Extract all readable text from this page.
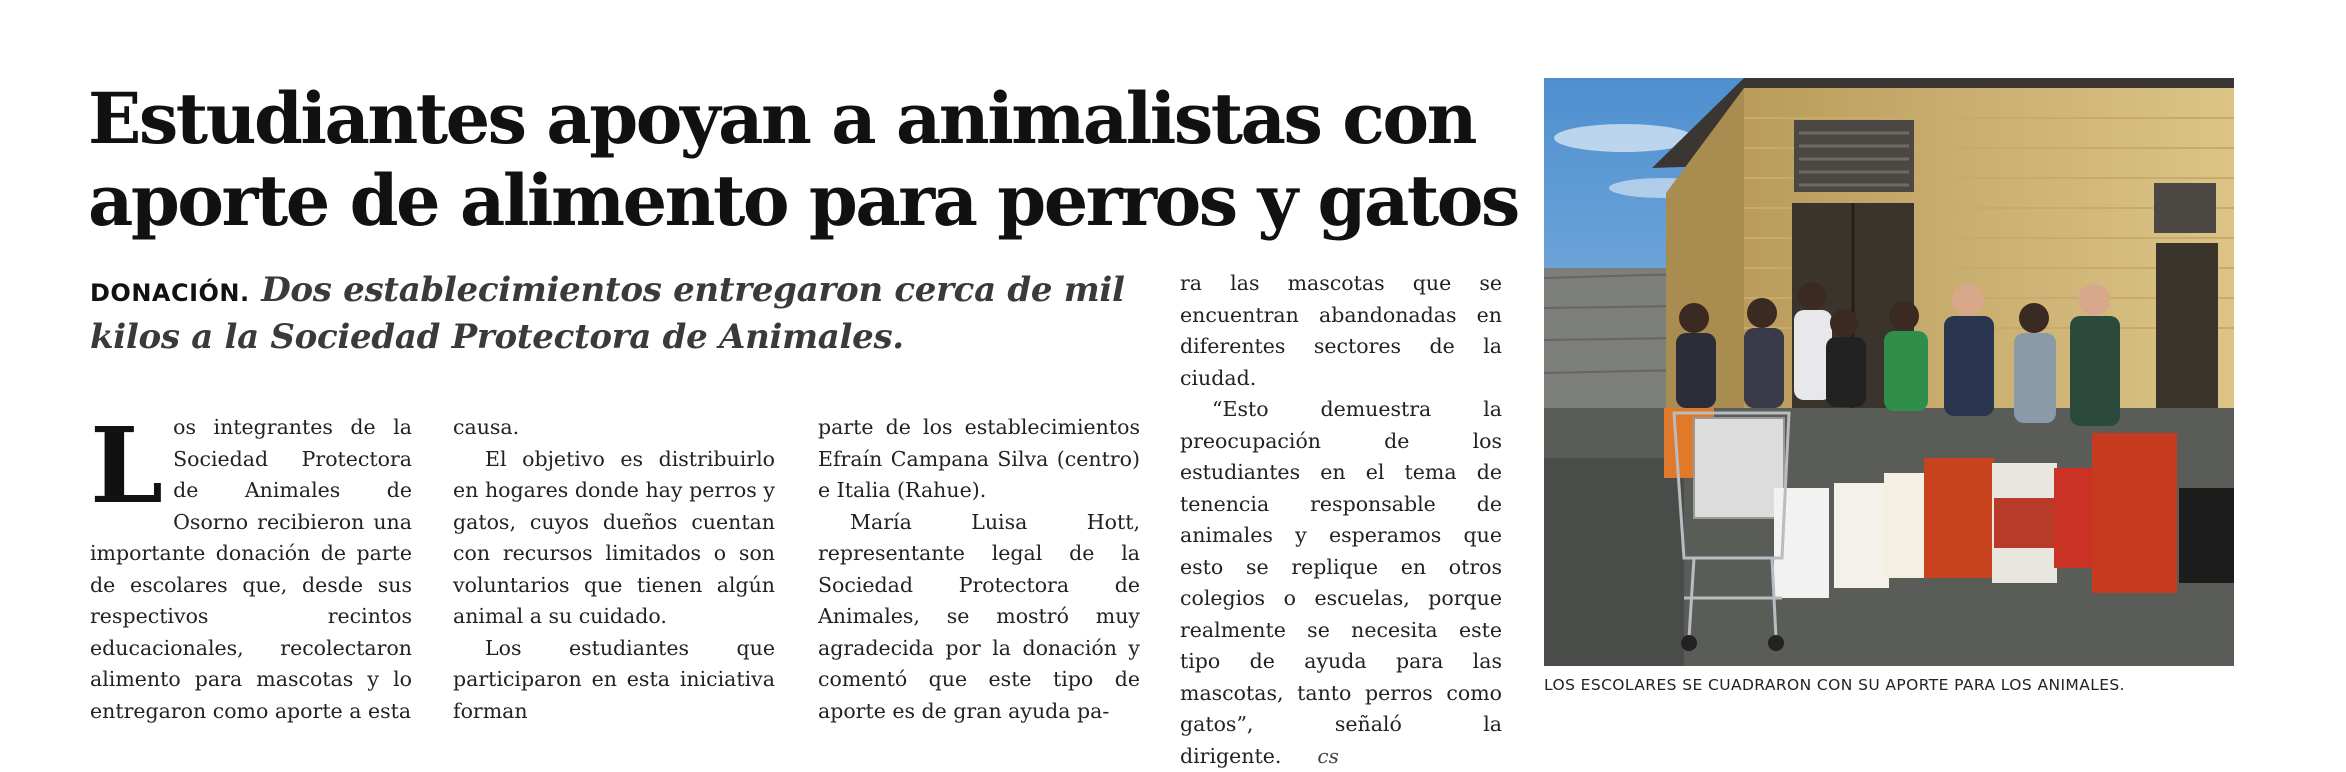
Estudiantes apoyan a animalistas con
aporte de alimento para perros y gatos
DONACIÓN. Dos establecimientos entregaron cerca de mil kilos a la Sociedad Protectora de Animales.

Los integrantes de la Sociedad Protectora de Animales de Osorno recibieron una importante donación de parte de escolares que, desde sus respectivos recintos educacionales, recolectaron alimento para mascotas y lo entregaron como aporte a esta

causa.

El objetivo es distribuirlo en hogares donde hay perros y gatos, cuyos dueños cuentan con recursos limitados o son voluntarios que tienen algún animal a su cuidado.

Los estudiantes que participaron en esta iniciativa forman

parte de los establecimientos Efraín Campana Silva (centro) e Italia (Rahue).

María Luisa Hott, representante legal de la Sociedad Protectora de Animales, se mostró muy agradecida por la donación y comentó que este tipo de aporte es de gran ayuda pa-

ra las mascotas que se encuentran abandonadas en diferentes sectores de la ciudad.

“Esto demuestra la preocupación de los estudiantes en el tema de tenencia responsable de animales y esperamos que esto se replique en otros colegios o escuelas, porque realmente se necesita este tipo de ayuda para las mascotas, tanto perros como gatos”, señaló la dirigente. cs

LOS ESCOLARES SE CUADRARON CON SU APORTE PARA LOS ANIMALES.
